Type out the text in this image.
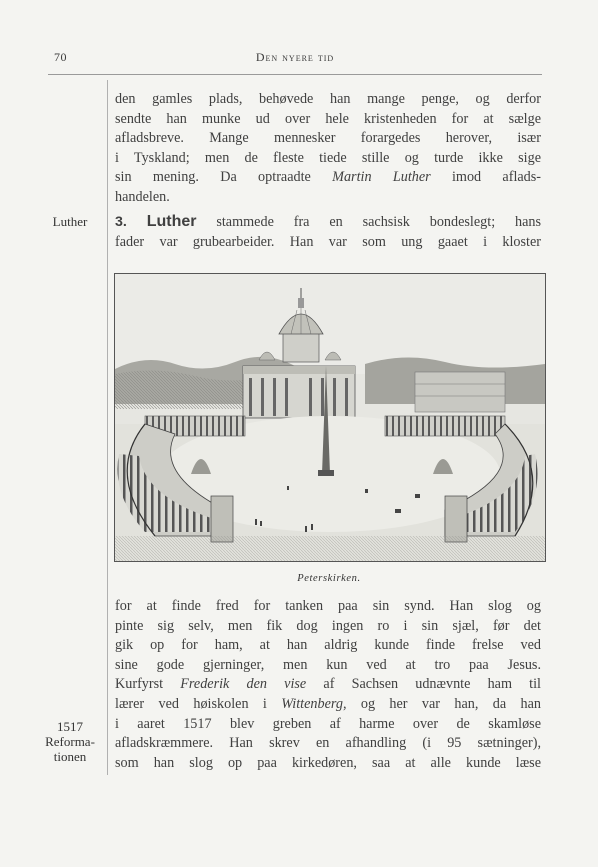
70	Den nyere tid
den gamles plads, behøvede han mange penge, og derfor
sendte han munke ud over hele kristenheden for at sælge
afladsbreve. Mange mennesker forargedes herover, især
i Tyskland; men de fleste tiede stille og turde ikke sige
sin mening. Da optraadte Martin Luther imod aflads-
handelen.
Luther	3. Luther stammede fra en sachsisk bondeslegt; hans
fader var grubearbeider. Han var som ung gaaet i kloster
Peterskirken.
for at finde fred for tanken paa sin synd. Han slog og
pinte sig selv, men fik dog ingen ro i sin sjæl, før det
gik op for ham, at han aldrig kunde finde frelse ved
sine gode gjerninger, men kun ved at tro paa Jesus.
Kurfyrst Frederik den vise af Sachsen udnævnte ham til
lærer ved høiskolen i Wittenberg, og her var han, da han
i aaret 1517 blev greben af harme over de skamløse
afladskræmmere. Han skrev en afhandling (i 95 sætninger),
som han slog op paa kirkedøren, saa at alle kunde læse
1517
Reforma-
tionen
